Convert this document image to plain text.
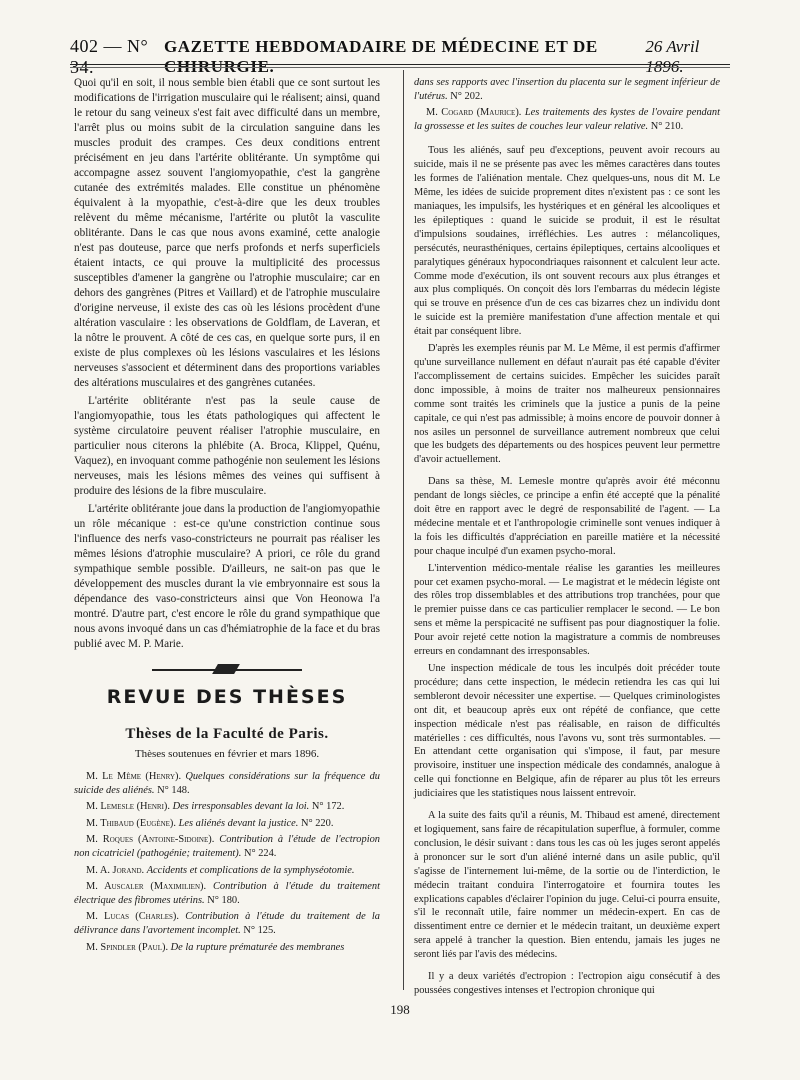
402 — N° 34.
GAZETTE HEBDOMADAIRE DE MÉDECINE ET DE CHIRURGIE.
26 Avril 1896.

Quoi qu'il en soit, il nous semble bien établi que ce sont surtout les modifications de l'irrigation musculaire qui le réalisent; ainsi, quand le retour du sang veineux s'est fait avec difficulté dans un membre, l'arrêt plus ou moins subit de la circulation sanguine dans les muscles produit des crampes. Ces deux conditions entrent précisément en jeu dans l'artérite oblitérante. Un symptôme qui accompagne assez souvent l'angiomyopathie, c'est la gangrène cutanée des extrémités malades. Elle constitue un phénomène équivalent à la myopathie, c'est-à-dire que les deux troubles relèvent du même mécanisme, l'artérite ou plutôt la vasculite oblitérante. Dans le cas que nous avons examiné, cette analogie n'est pas douteuse, parce que nerfs profonds et nerfs superficiels étaient intacts, ce qui prouve la multiplicité des processus susceptibles d'amener la gangrène ou l'atrophie musculaire; car en dehors des gangrènes (Pitres et Vaillard) et de l'atrophie musculaire d'origine nerveuse, il existe des cas où les lésions procèdent d'une altération vasculaire : les observations de Goldflam, de Laveran, et la nôtre le prouvent. A côté de ces cas, en quelque sorte purs, il en existe de plus complexes où les lésions vasculaires et les lésions nerveuses s'associent et déterminent dans des proportions variables des altérations musculaires et des gangrènes cutanées.

L'artérite oblitérante n'est pas la seule cause de l'angiomyopathie, tous les états pathologiques qui affectent le système circulatoire peuvent réaliser l'atrophie musculaire, en particulier nous citerons la phlébite (A. Broca, Klippel, Quénu, Vaquez), en invoquant comme pathogénie non seulement les lésions nerveuses, mais les lésions mêmes des veines qui suffisent à produire des lésions de la fibre musculaire.

L'artérite oblitérante joue dans la production de l'angiomyopathie un rôle mécanique : est-ce qu'une constriction continue sous l'influence des nerfs vaso-constricteurs ne pourrait pas réaliser les mêmes lésions d'atrophie musculaire? A priori, ce rôle du grand sympathique semble possible. D'ailleurs, ne sait-on pas que le développement des muscles durant la vie embryonnaire est sous la dépendance des vaso-constricteurs ainsi que Von Heonowa l'a montré. D'autre part, c'est encore le rôle du grand sympathique que nous avons invoqué dans un cas d'hémiatrophie de la face et du bras publié avec M. P. Marie.

REVUE DES THÈSES
Thèses de la Faculté de Paris.
Thèses soutenues en février et mars 1896.
M. Le Même (Henry). Quelques considérations sur la fréquence du suicide des aliénés. N° 148.
M. Lemesle (Henri). Des irresponsables devant la loi. N° 172.
M. Thibaud (Eugène). Les aliénés devant la justice. N° 220.
M. Roques (Antoine-Sidoine). Contribution à l'étude de l'ectropion non cicatriciel (pathogénie; traitement). N° 224.
M. A. Jorand. Accidents et complications de la symphyséotomie.
M. Auscaler (Maximilien). Contribution à l'étude du traitement électrique des fibromes utérins. N° 180.
M. Lucas (Charles). Contribution à l'étude du traitement de la délivrance dans l'avortement incomplet. N° 125.
M. Spindler (Paul). De la rupture prématurée des membranes
dans ses rapports avec l'insertion du placenta sur le segment inférieur de l'utérus. N° 202.
M. Cogard (Maurice). Les traitements des kystes de l'ovaire pendant la grossesse et les suites de couches leur valeur relative. N° 210.

Tous les aliénés, sauf peu d'exceptions, peuvent avoir recours au suicide, mais il ne se présente pas avec les mêmes caractères dans toutes les formes de l'aliénation mentale. Chez quelques-uns, nous dit M. Le Même, les idées de suicide proprement dites n'existent pas : ce sont les maniaques, les impulsifs, les hystériques et en général les alcooliques et les épileptiques : quand le suicide se produit, il est le résultat d'impulsions soudaines, irréfléchies. Les autres : mélancoliques, persécutés, neurasthéniques, certains épileptiques, certains alcooliques et paralytiques généraux hypocondriaques raisonnent et calculent leur acte. Comme mode d'exécution, ils ont souvent recours aux plus étranges et aux plus compliqués. On conçoit dès lors l'embarras du médecin légiste qui se trouve en présence d'un de ces cas bizarres chez un individu dont le suicide est la première manifestation d'une affection mentale et qui était par conséquent libre.

D'après les exemples réunis par M. Le Même, il est permis d'affirmer qu'une surveillance nullement en défaut n'aurait pas été capable d'éviter l'accomplissement de certains suicides. Empêcher les suicides paraît donc impossible, à moins de traiter nos malheureux pensionnaires comme sont traités les criminels que la justice a punis de la peine capitale, ce qui n'est pas admissible; à moins encore de pouvoir donner à nos asiles un personnel de surveillance autrement nombreux que celui que les budgets des départements ou des hospices peuvent leur permettre d'avoir actuellement.

Dans sa thèse, M. Lemesle montre qu'après avoir été méconnu pendant de longs siècles, ce principe a enfin été accepté que la pénalité doit être en rapport avec le degré de responsabilité de l'agent. — La médecine mentale et et l'anthropologie criminelle sont venues indiquer à la fois les difficultés d'appréciation en pareille matière et la nécessité pour chaque inculpé d'un examen psycho-moral.

L'intervention médico-mentale réalise les garanties les meilleures pour cet examen psycho-moral. — Le magistrat et le médecin légiste ont des rôles trop dissemblables et des attributions trop tranchées, pour que le premier puisse dans ce cas particulier remplacer le second. — Le bon sens et même la perspicacité ne suffisent pas pour diagnostiquer la folie. Pour avoir rejeté cette notion la magistrature a commis de nombreuses erreurs en condamnant des irresponsables.

Une inspection médicale de tous les inculpés doit précéder toute procédure; dans cette inspection, le médecin retiendra les cas qui lui sembleront devoir nécessiter une expertise. — Quelques criminologistes ont dit, et beaucoup après eux ont répété de confiance, que cette inspection médicale n'est pas réalisable, en raison de difficultés matérielles : ces difficultés, nous l'avons vu, sont très surmontables. — En attendant cette organisation qui s'impose, il faut, par mesure provisoire, instituer une inspection médicale des condamnés, analogue à celle qui fonctionne en Belgique, afin de réparer au plus tôt les erreurs judiciaires que les statistiques nous laissent entrevoir.

A la suite des faits qu'il a réunis, M. Thibaud est amené, directement et logiquement, sans faire de récapitulation superflue, à formuler, comme conclusion, le désir suivant : dans tous les cas où les juges seront appelés à prononcer sur le sort d'un aliéné interné dans un asile public, qu'il s'agisse de l'internement lui-même, de la sortie ou de l'interdiction, le médecin traitant conduira l'interrogatoire et fournira toutes les explications capables d'éclairer l'opinion du juge. Celui-ci pourra ensuite, s'il le reconnaît utile, faire nommer un médecin-expert. En cas de dissentiment entre ce dernier et le médecin traitant, un deuxième expert sera appelé à trancher la question. Bien entendu, jamais les juges ne seront liés par l'avis des médecins.

Il y a deux variétés d'ectropion : l'ectropion aigu consécutif à des poussées congestives intenses et l'ectropion chronique qui

198
